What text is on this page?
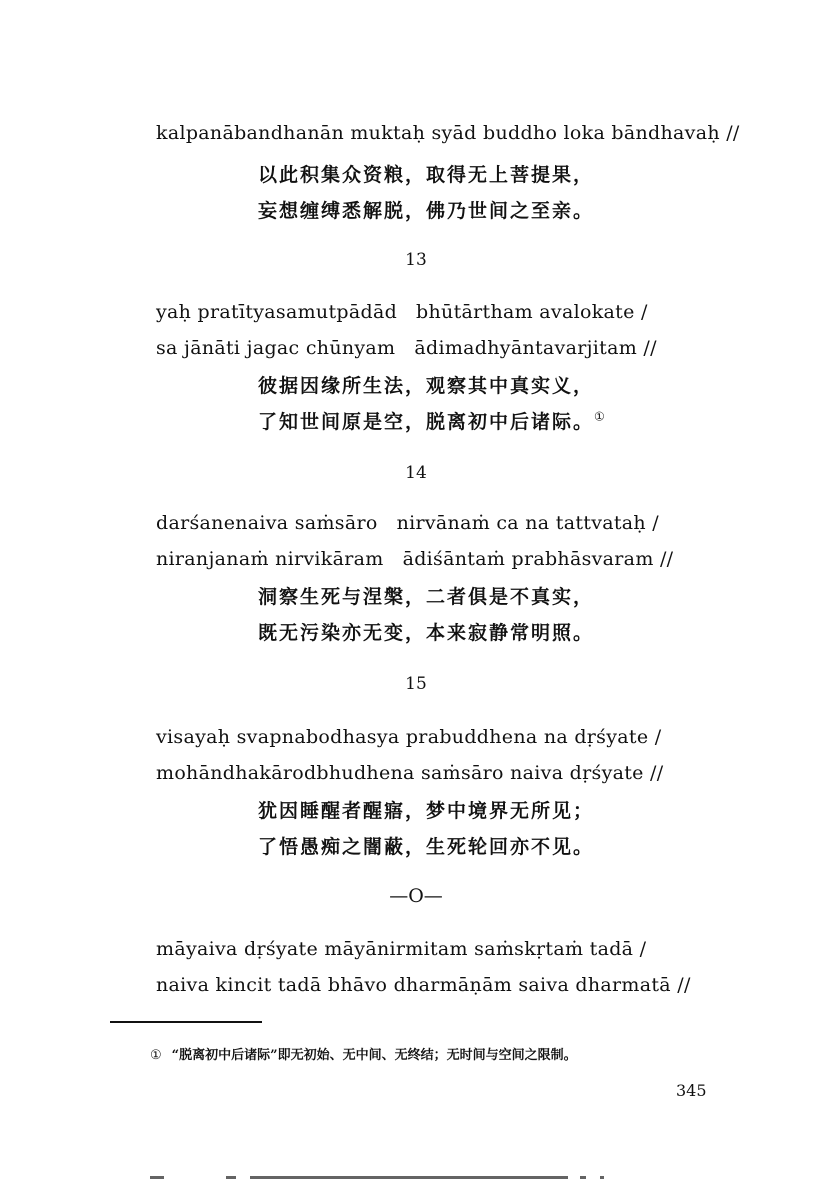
kalpanābandhanān muktaḥ syād buddho loka bāndhavaḥ //
以此积集众资粮，取得无上菩提果，
妄想缠缚悉解脱，佛乃世间之至亲。
13
yaḥ pratītyasamutpādād   bhūtārtham avalokate /
sa jānāti jagac chūnyam   ādimadhyāntavarjitam //
彼据因缘所生法，观察其中真实义，
了知世间原是空，脱离初中后诸际。①
14
darśanenaiva saṁsāro   nirvānaṁ ca na tattvataḥ /
niranjanaṁ nirvikāram   ādiśāntaṁ prabhāsvaram //
洞察生死与涅槃，二者俱是不真实，
既无污染亦无变，本来寂静常明照。
15
visayaḥ svapnabodhasya prabuddhena na dṛśyate /
mohāndhakārodbhudhena saṁsāro naiva dṛśyate //
犹因睡醒者醒寤，梦中境界无所见；
了悟愚痴之闇蔽，生死轮回亦不见。
—O—
māyaiva dṛśyate māyānirmitam saṁskṛtaṁ tadā /
naiva kincit tadā bhāvo dharmāṇām saiva dharmatā //
① “脱离初中后诸际”即无初始、无中间、无终结；无时间与空间之限制。
345
